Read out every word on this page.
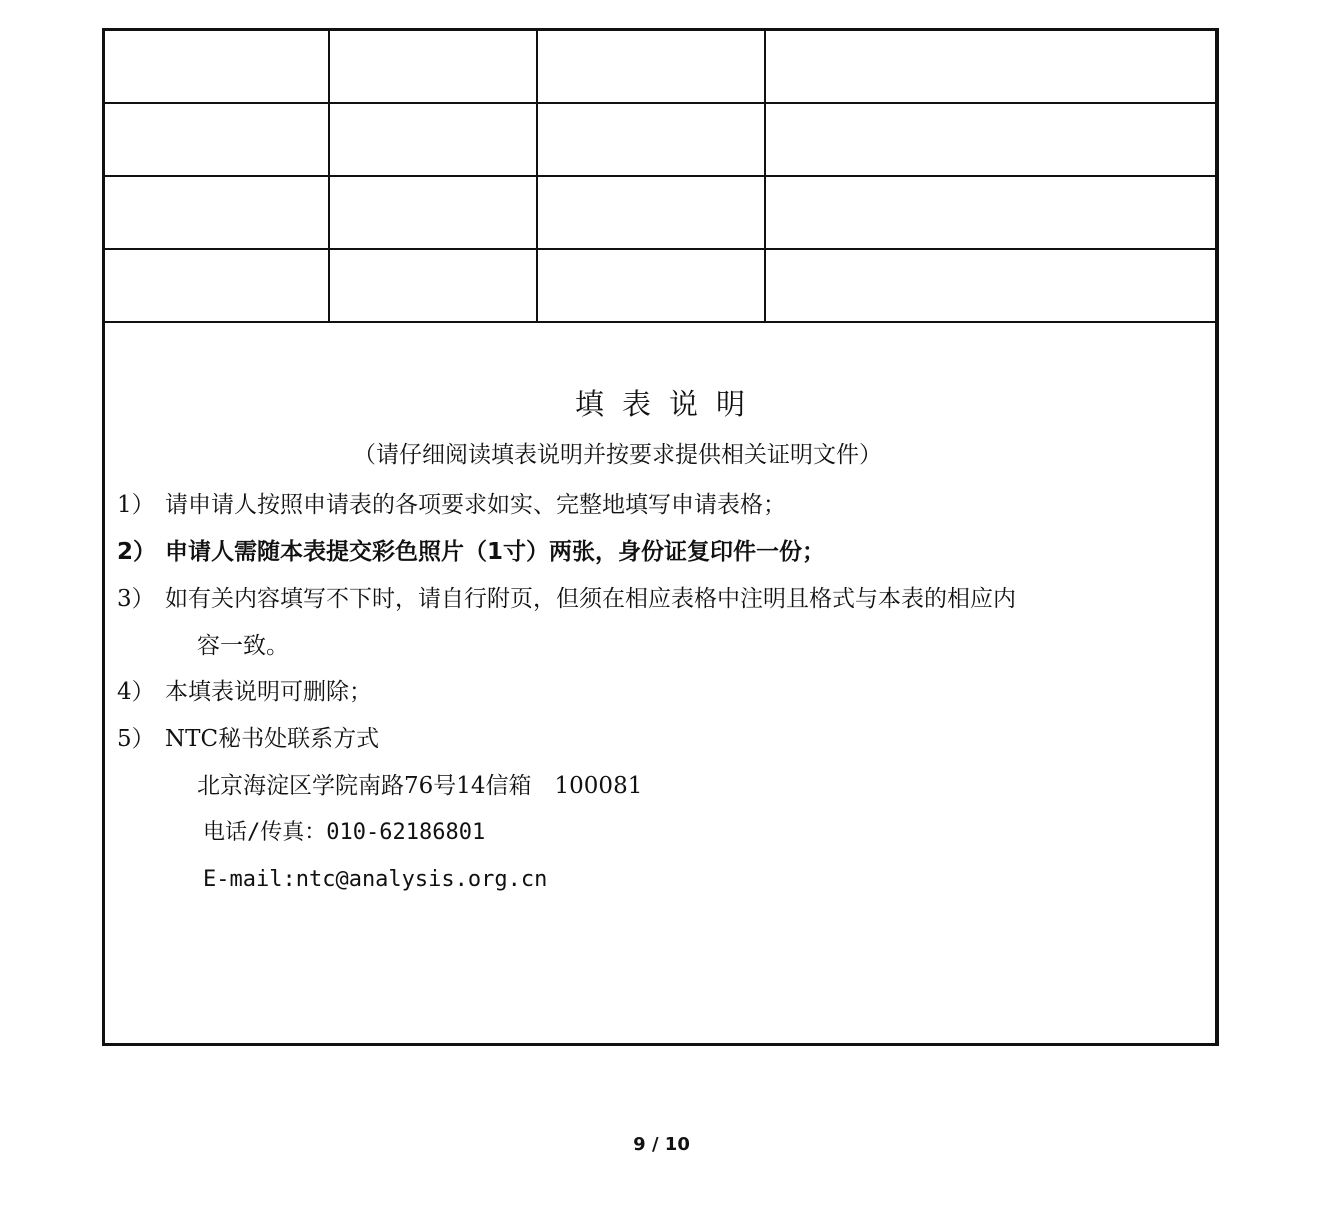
填表说明
（请仔细阅读填表说明并按要求提供相关证明文件）
1） 请申请人按照申请表的各项要求如实、完整地填写申请表格；
2） 申请人需随本表提交彩色照片（1寸）两张，身份证复印件一份；
3） 如有关内容填写不下时，请自行附页，但须在相应表格中注明且格式与本表的相应内
容一致。
4） 本填表说明可删除；
5） NTC秘书处联系方式
北京海淀区学院南路76号14信箱　100081
电话/传真：010-62186801
E-mail:ntc@analysis.org.cn
9 / 10
